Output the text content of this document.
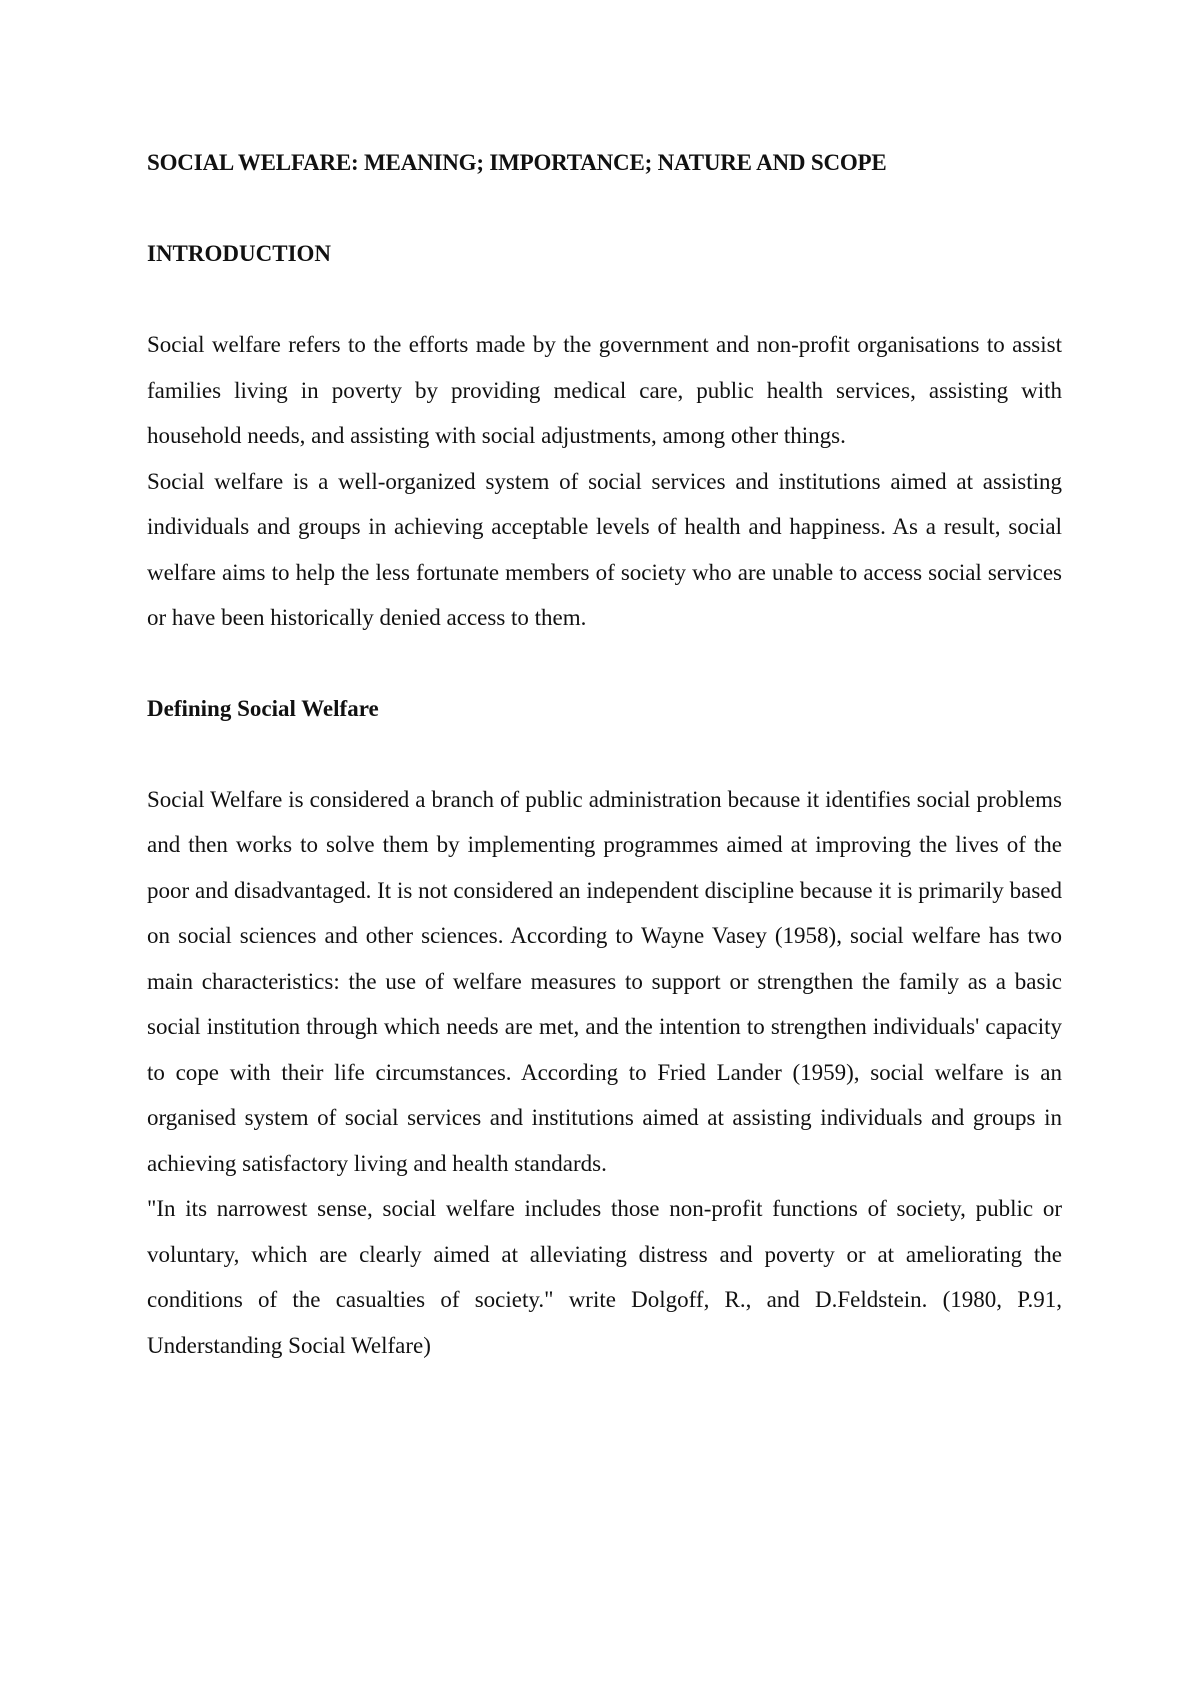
SOCIAL WELFARE: MEANING; IMPORTANCE; NATURE AND SCOPE
INTRODUCTION

Social welfare refers to the efforts made by the government and non-profit organisations to assist families living in poverty by providing medical care, public health services, assisting with household needs, and assisting with social adjustments, among other things.

Social welfare is a well-organized system of social services and institutions aimed at assisting individuals and groups in achieving acceptable levels of health and happiness. As a result, social welfare aims to help the less fortunate members of society who are unable to access social services or have been historically denied access to them.

Defining Social Welfare

Social Welfare is considered a branch of public administration because it identifies social problems and then works to solve them by implementing programmes aimed at improving the lives of the poor and disadvantaged. It is not considered an independent discipline because it is primarily based on social sciences and other sciences. According to Wayne Vasey (1958), social welfare has two main characteristics: the use of welfare measures to support or strengthen the family as a basic social institution through which needs are met, and the intention to strengthen individuals' capacity to cope with their life circumstances. According to Fried Lander (1959), social welfare is an organised system of social services and institutions aimed at assisting individuals and groups in achieving satisfactory living and health standards.

"In its narrowest sense, social welfare includes those non-profit functions of society, public or voluntary, which are clearly aimed at alleviating distress and poverty or at ameliorating the conditions of the casualties of society." write Dolgoff, R., and D.Feldstein. (1980, P.91, Understanding Social Welfare)
